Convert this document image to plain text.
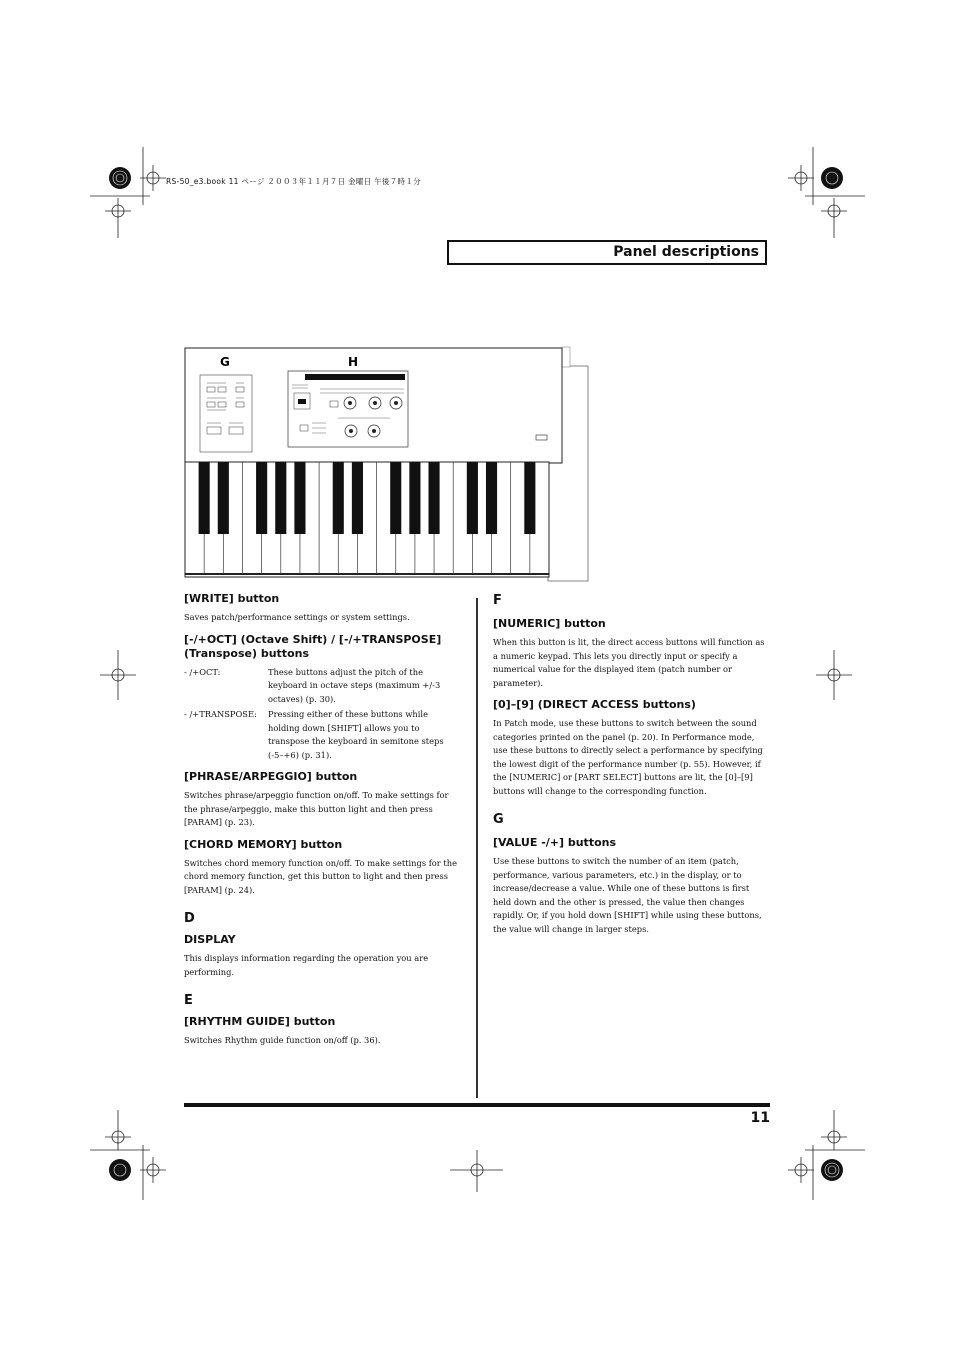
RS-50_e3.book 11 ページ ２００３年１１月７日 金曜日 午後７時１分
Panel descriptions
G	H
[WRITE] button
Saves patch/performance settings or system settings.
[-/+OCT] (Octave Shift) / [-/+TRANSPOSE] (Transpose) buttons
- /+OCT:	These buttons adjust the pitch of the keyboard in octave steps (maximum +/-3 octaves) (p. 30).
- /+TRANSPOSE:	Pressing either of these buttons while holding down [SHIFT] allows you to transpose the keyboard in semitone steps (-5–+6) (p. 31).
[PHRASE/ARPEGGIO] button
Switches phrase/arpeggio function on/off. To make settings for the phrase/arpeggio, make this button light and then press [PARAM] (p. 23).
[CHORD MEMORY] button
Switches chord memory function on/off. To make settings for the chord memory function, get this button to light and then press [PARAM] (p. 24).
D
DISPLAY
This displays information regarding the operation you are performing.
E
[RHYTHM GUIDE] button
Switches Rhythm guide function on/off (p. 36).
F
[NUMERIC] button
When this button is lit, the direct access buttons will function as a numeric keypad. This lets you directly input or specify a numerical value for the displayed item (patch number or parameter).
[0]–[9] (DIRECT ACCESS buttons)
In Patch mode, use these buttons to switch between the sound categories printed on the panel (p. 20). In Performance mode, use these buttons to directly select a performance by specifying the lowest digit of the performance number (p. 55). However, if the [NUMERIC] or [PART SELECT] buttons are lit, the [0]–[9] buttons will change to the corresponding function.
G
[VALUE -/+] buttons
Use these buttons to switch the number of an item (patch, performance, various parameters, etc.) in the display, or to increase/decrease a value. While one of these buttons is first held down and the other is pressed, the value then changes rapidly. Or, if you hold down [SHIFT] while using these buttons, the value will change in larger steps.
11
